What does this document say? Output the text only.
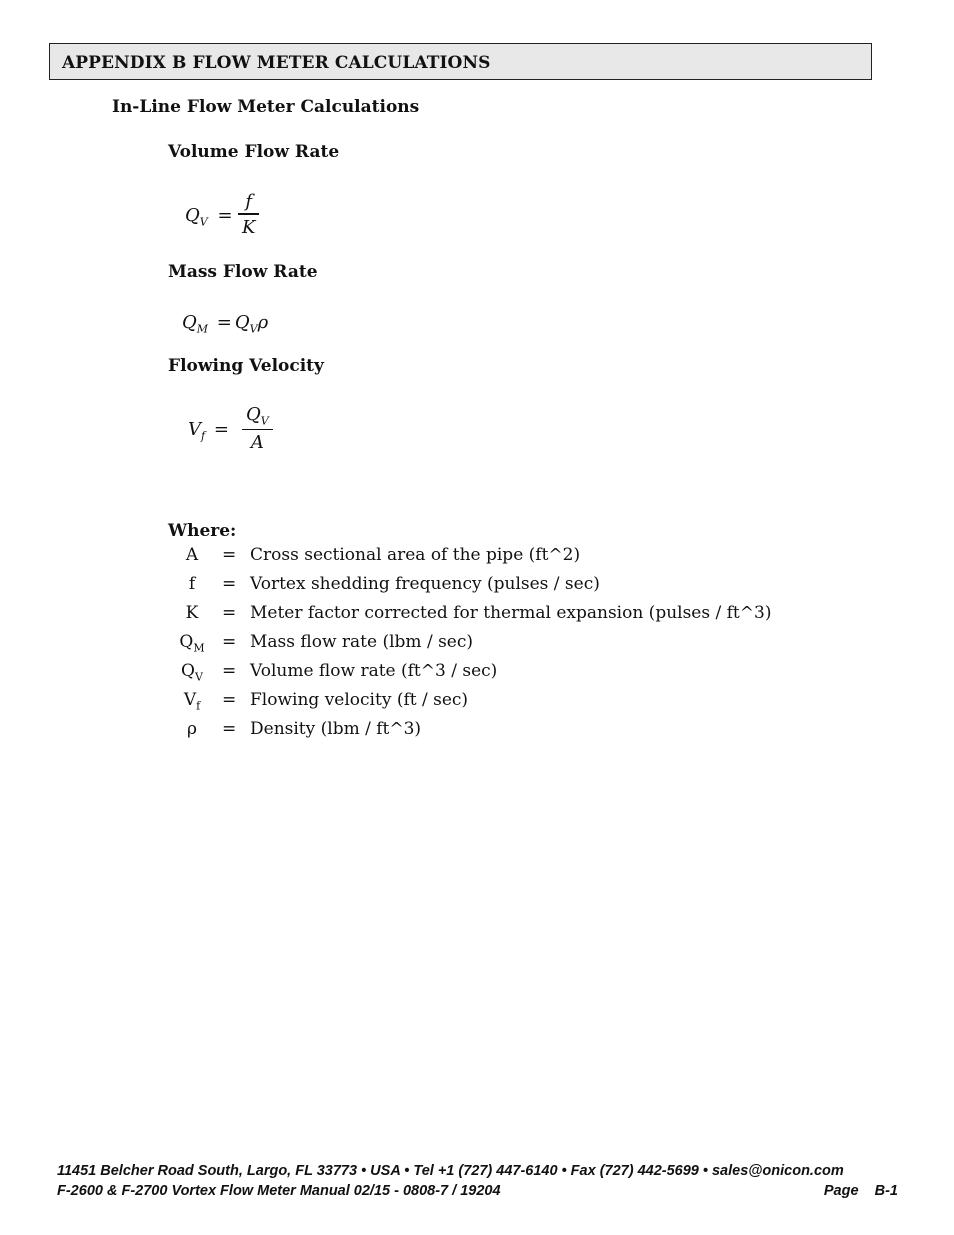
APPENDIX B FLOW METER CALCULATIONS
In-Line Flow Meter Calculations
Volume Flow Rate
$Q_V$ =
f
K
Mass Flow Rate
$Q_M = Q_V\rho$
Flowing Velocity
$V_f$ =
$Q_V$
A
Where:
A	= Cross sectional area of the pipe (ft^2)
f	= Vortex shedding frequency (pulses / sec)
K	= Meter factor corrected for thermal expansion (pulses / ft^3)
$Q_M$	= Mass flow rate (lbm / sec)
$Q_V$	= Volume flow rate (ft^3 / sec)
$V_f$	= Flowing velocity (ft / sec)
ρ	= Density (lbm / ft^3)
11451 Belcher Road South, Largo, FL 33773 • USA • Tel +1 (727) 447-6140 • Fax (727) 442-5699 • sales@onicon.com
F-2600 & F-2700 Vortex Flow Meter Manual 02/15 - 0808-7 / 19204	Page    B-1
